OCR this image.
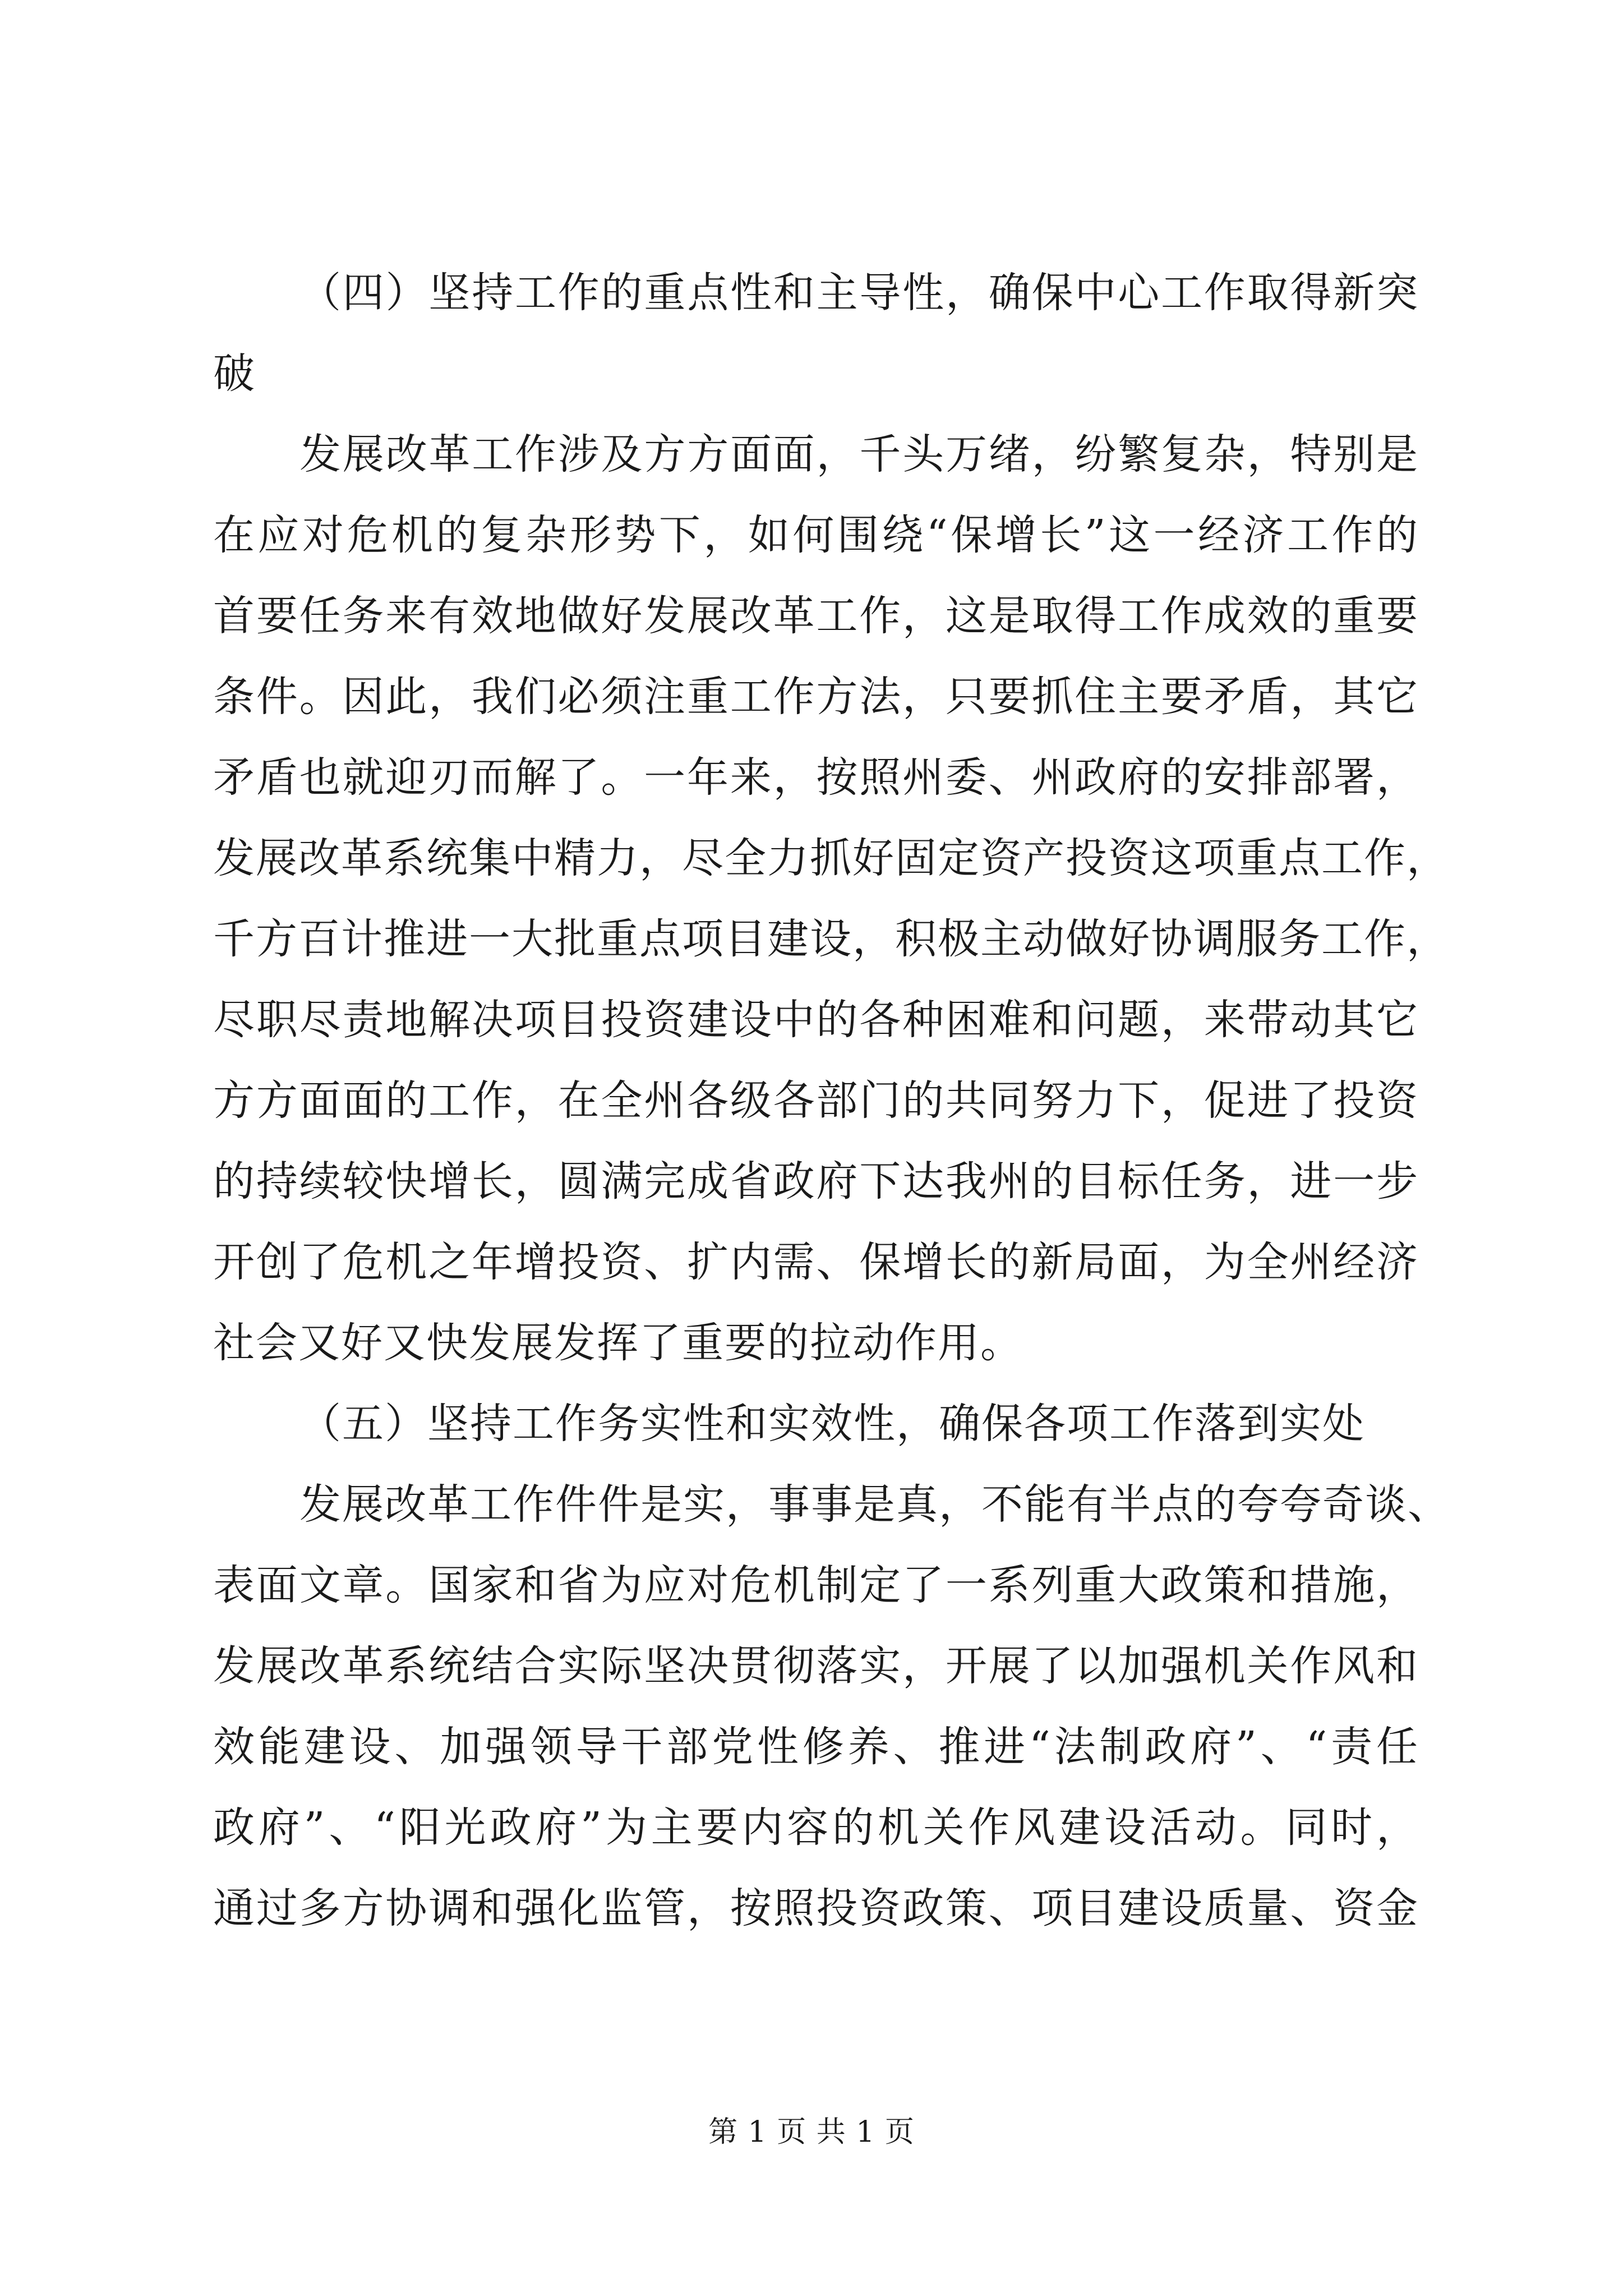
（四）坚持工作的重点性和主导性，确保中心工作取得新突
破
发展改革工作涉及方方面面，千头万绪，纷繁复杂，特别是
在应对危机的复杂形势下，如何围绕“保增长”这一经济工作的
首要任务来有效地做好发展改革工作，这是取得工作成效的重要
条件。因此，我们必须注重工作方法，只要抓住主要矛盾，其它
矛盾也就迎刃而解了。一年来，按照州委、州政府的安排部署，
发展改革系统集中精力，尽全力抓好固定资产投资这项重点工作，
千方百计推进一大批重点项目建设，积极主动做好协调服务工作，
尽职尽责地解决项目投资建设中的各种困难和问题，来带动其它
方方面面的工作，在全州各级各部门的共同努力下，促进了投资
的持续较快增长，圆满完成省政府下达我州的目标任务，进一步
开创了危机之年增投资、扩内需、保增长的新局面，为全州经济
社会又好又快发展发挥了重要的拉动作用。
（五）坚持工作务实性和实效性，确保各项工作落到实处
发展改革工作件件是实，事事是真，不能有半点的夸夸奇谈、
表面文章。国家和省为应对危机制定了一系列重大政策和措施，
发展改革系统结合实际坚决贯彻落实，开展了以加强机关作风和
效能建设、加强领导干部党性修养、推进“法制政府”、“责任
政府”、“阳光政府”为主要内容的机关作风建设活动。同时，
通过多方协调和强化监管，按照投资政策、项目建设质量、资金
第 1 页 共 1 页
